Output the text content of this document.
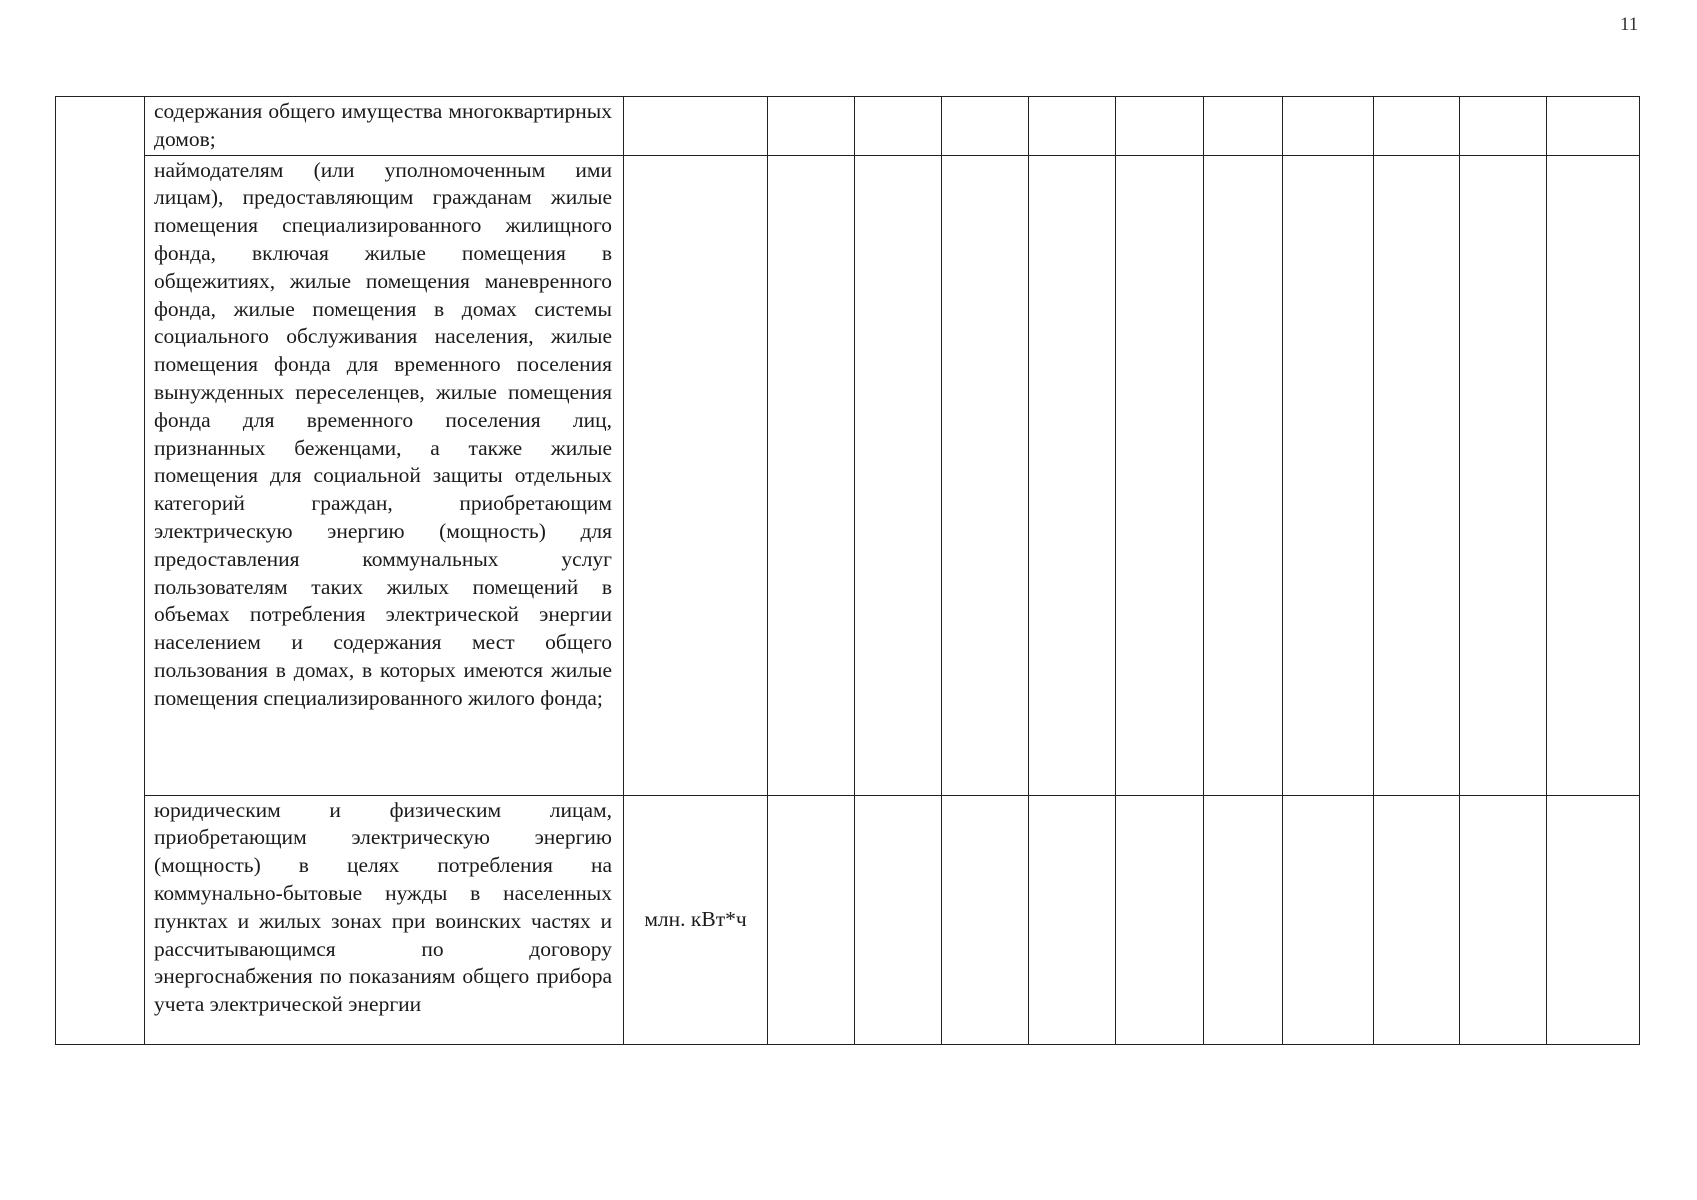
11
	содержания общего имущества многоквартирных домов;											
	наймодателям (или уполномоченным ими лицам), предоставляющим гражданам жилые помещения специализированного жилищного фонда, включая жилые помещения в общежитиях, жилые помещения маневренного фонда, жилые помещения в домах системы социального обслуживания населения, жилые помещения фонда для временного поселения вынужденных переселенцев, жилые помещения фонда для временного поселения лиц, признанных беженцами, а также жилые помещения для социальной защиты отдельных категорий граждан, приобретающим электрическую энергию (мощность) для предоставления коммунальных услуг пользователям таких жилых помещений в объемах потребления электрической энергии населением и содержания мест общего пользования в домах, в которых имеются жилые помещения специализированного жилого фонда;											
	юридическим и физическим лицам, приобретающим электрическую энергию (мощность) в целях потребления на коммунально-бытовые нужды в населенных пунктах и жилых зонах при воинских частях и рассчитывающимся по договору энергоснабжения по показаниям общего прибора учета электрической энергии	млн. кВт*ч										
